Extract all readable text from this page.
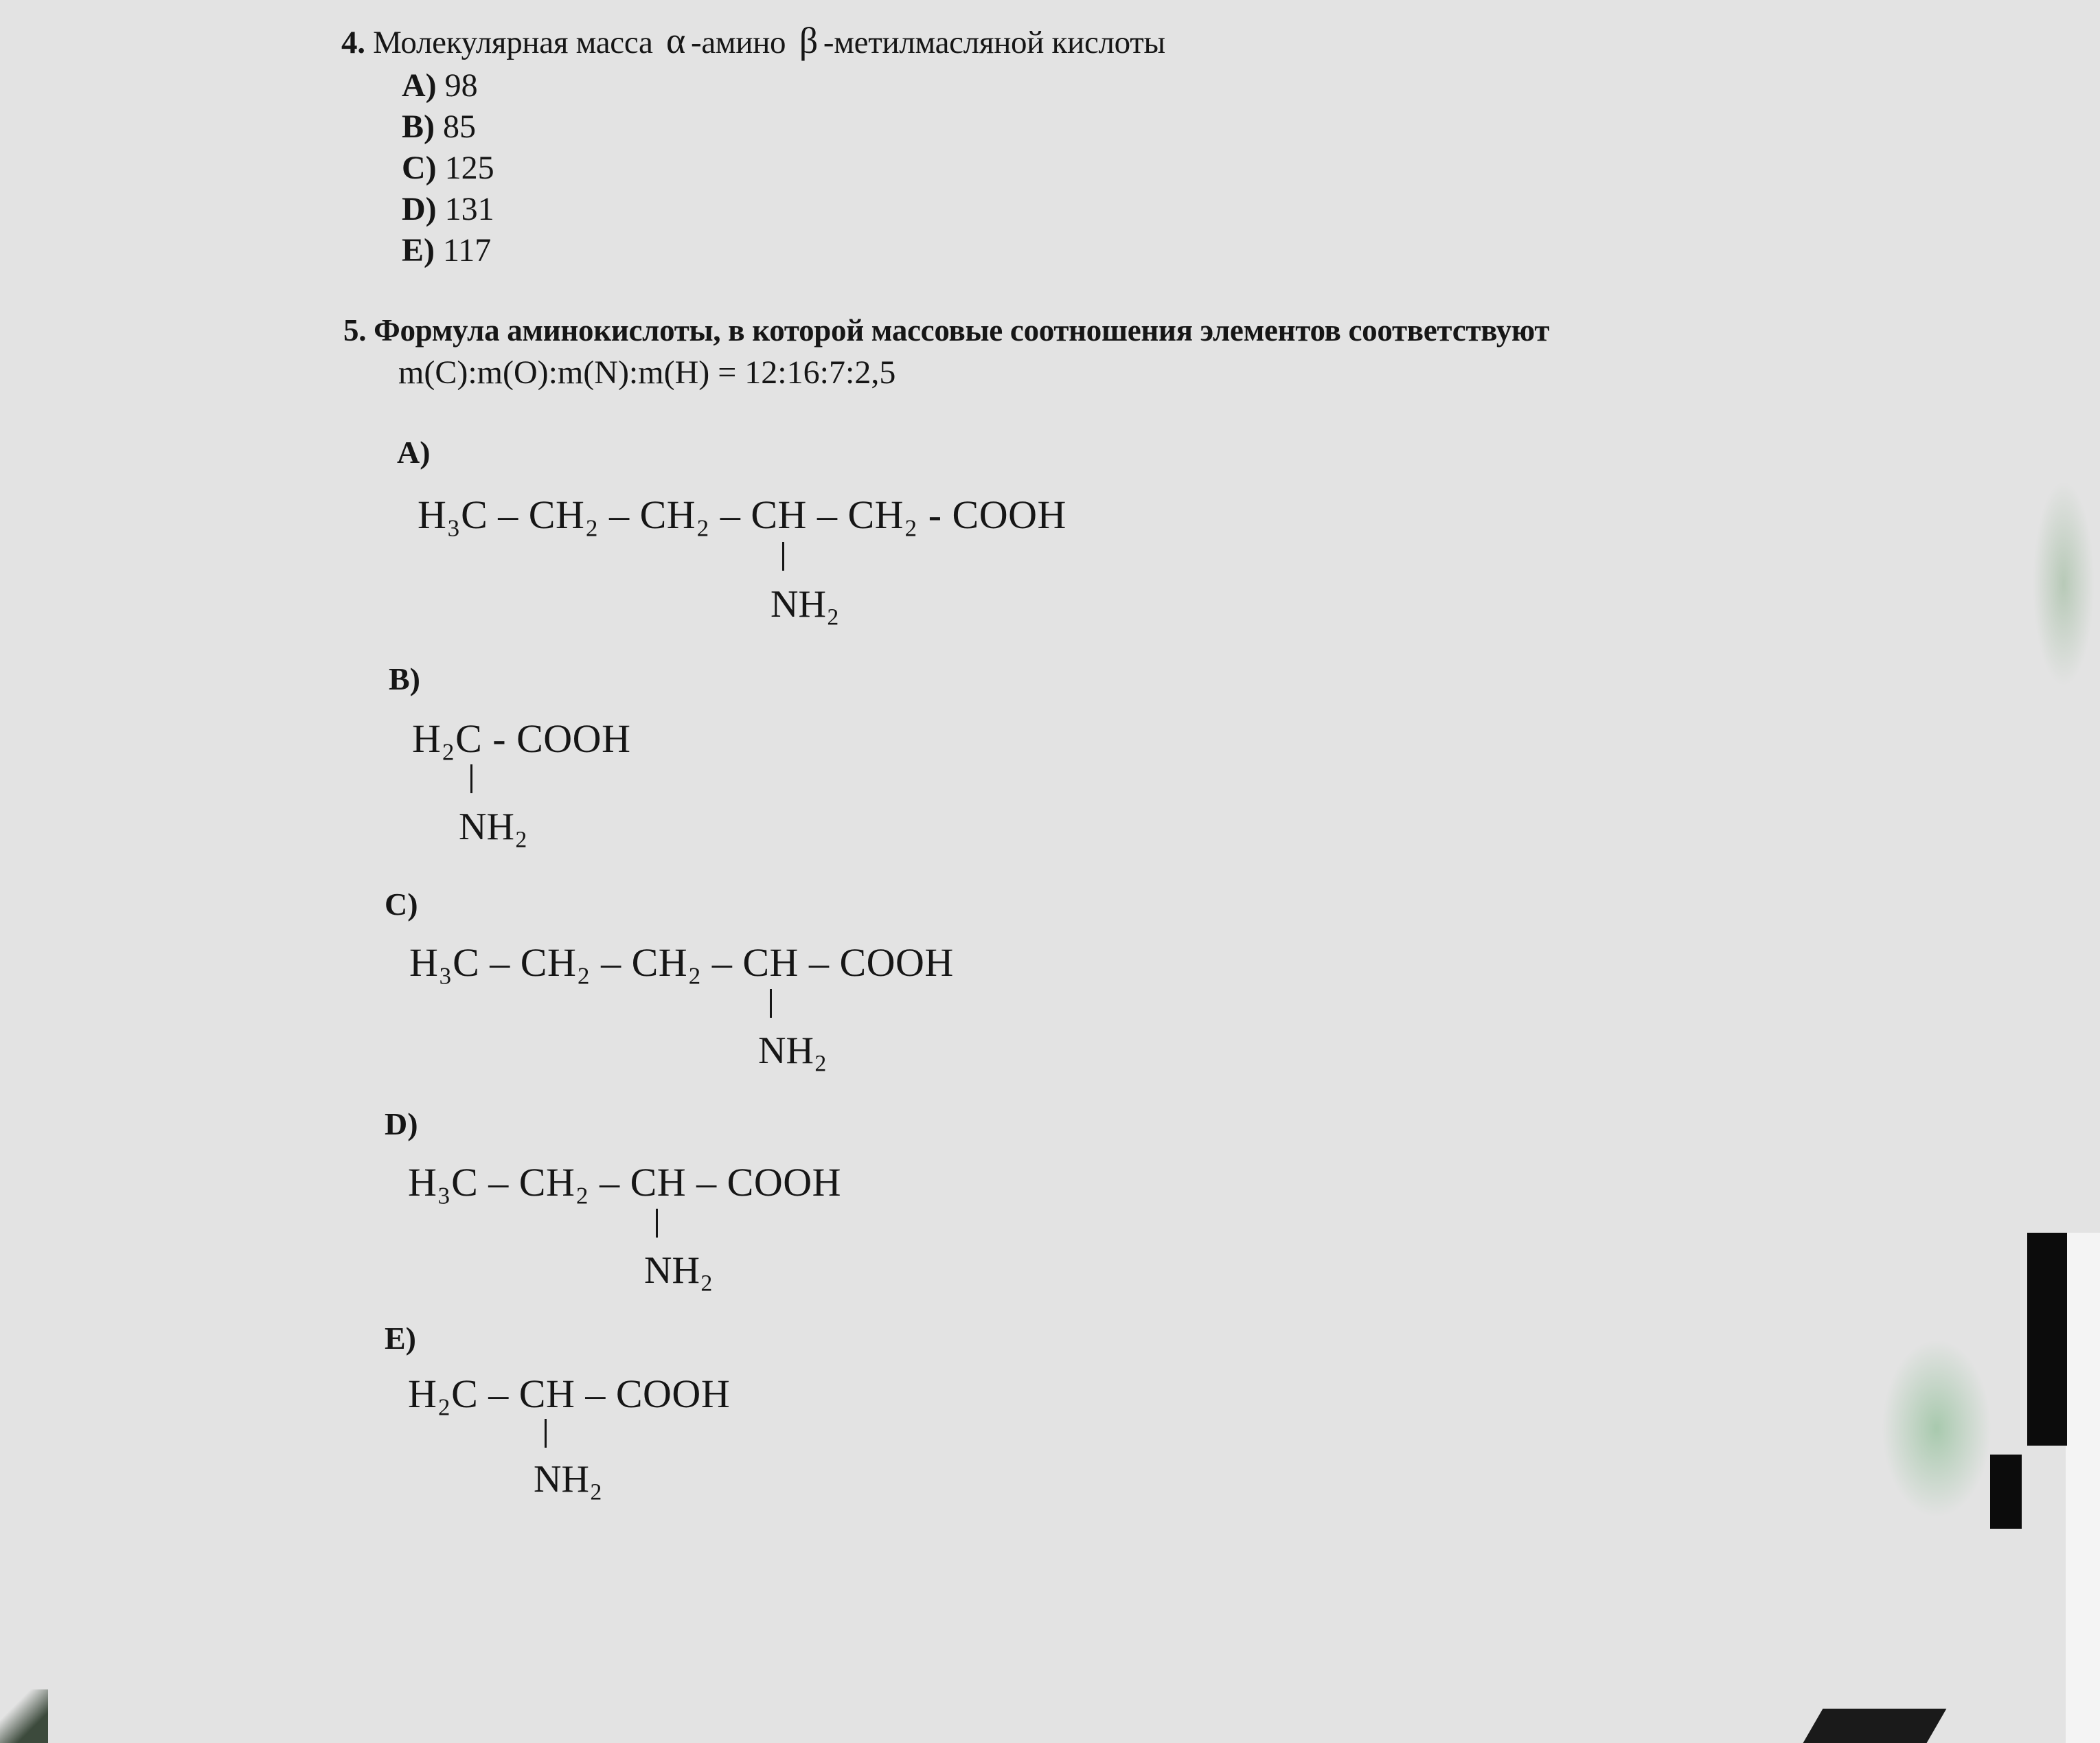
4. Молекулярная масса α -амино β -метилмасляной кислоты
A) 98
B) 85
C) 125
D) 131
E) 117
5. Формула аминокислоты, в которой массовые соотношения элементов соответствуют
m(C):m(O):m(N):m(H) = 12:16:7:2,5
A)
H₃C – CH₂ – CH₂ – CH – CH₂ - COOH
NH₂
B)
H₂C - COOH
NH₂
C)
H₃C – CH₂ – CH₂ – CH – COOH
NH₂
D)
H₃C – CH₂ – CH – COOH
NH₂
E)
H₂C – CH – COOH
NH₂
